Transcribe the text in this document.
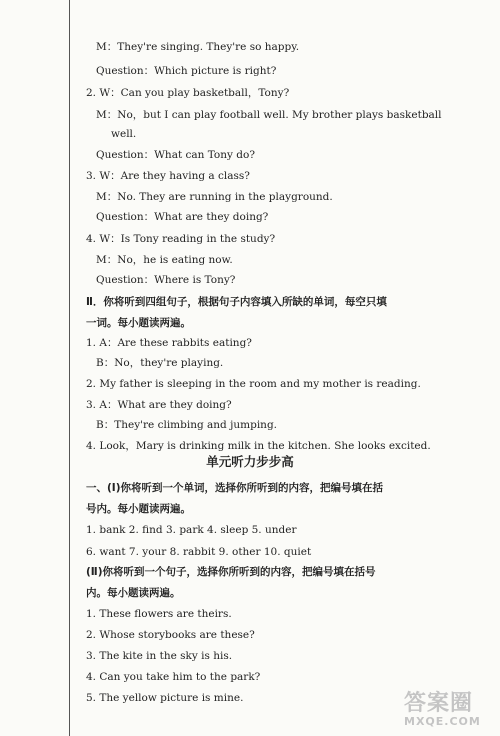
M：They're singing. They're so happy.
Question：Which picture is right?
2. W：Can you play basketball，Tony?
M：No，but I can play football well. My brother plays basketball
well.
Question：What can Tony do?
3. W：Are they having a class?
M：No. They are running in the playground.
Question：What are they doing?
4. W：Is Tony reading in the study?
M：No，he is eating now.
Question：Where is Tony?
Ⅱ．你将听到四组句子，根据句子内容填入所缺的单词，每空只填
一词。每小题读两遍。
1. A：Are these rabbits eating?
B：No，they're playing.
2. My father is sleeping in the room and my mother is reading.
3. A：What are they doing?
B：They're climbing and jumping.
4. Look，Mary is drinking milk in the kitchen. She looks excited.
单元听力步步高
一、(Ⅰ)你将听到一个单词，选择你所听到的内容，把编号填在括
号内。每小题读两遍。
1. bank 2. find 3. park 4. sleep 5. under
6. want 7. your 8. rabbit 9. other 10. quiet
(Ⅱ)你将听到一个句子，选择你所听到的内容，把编号填在括号
内。每小题读两遍。
1. These flowers are theirs.
2. Whose storybooks are these?
3. The kite in the sky is his.
4. Can you take him to the park?
5. The yellow picture is mine.	答案圈
MXQE.COM
